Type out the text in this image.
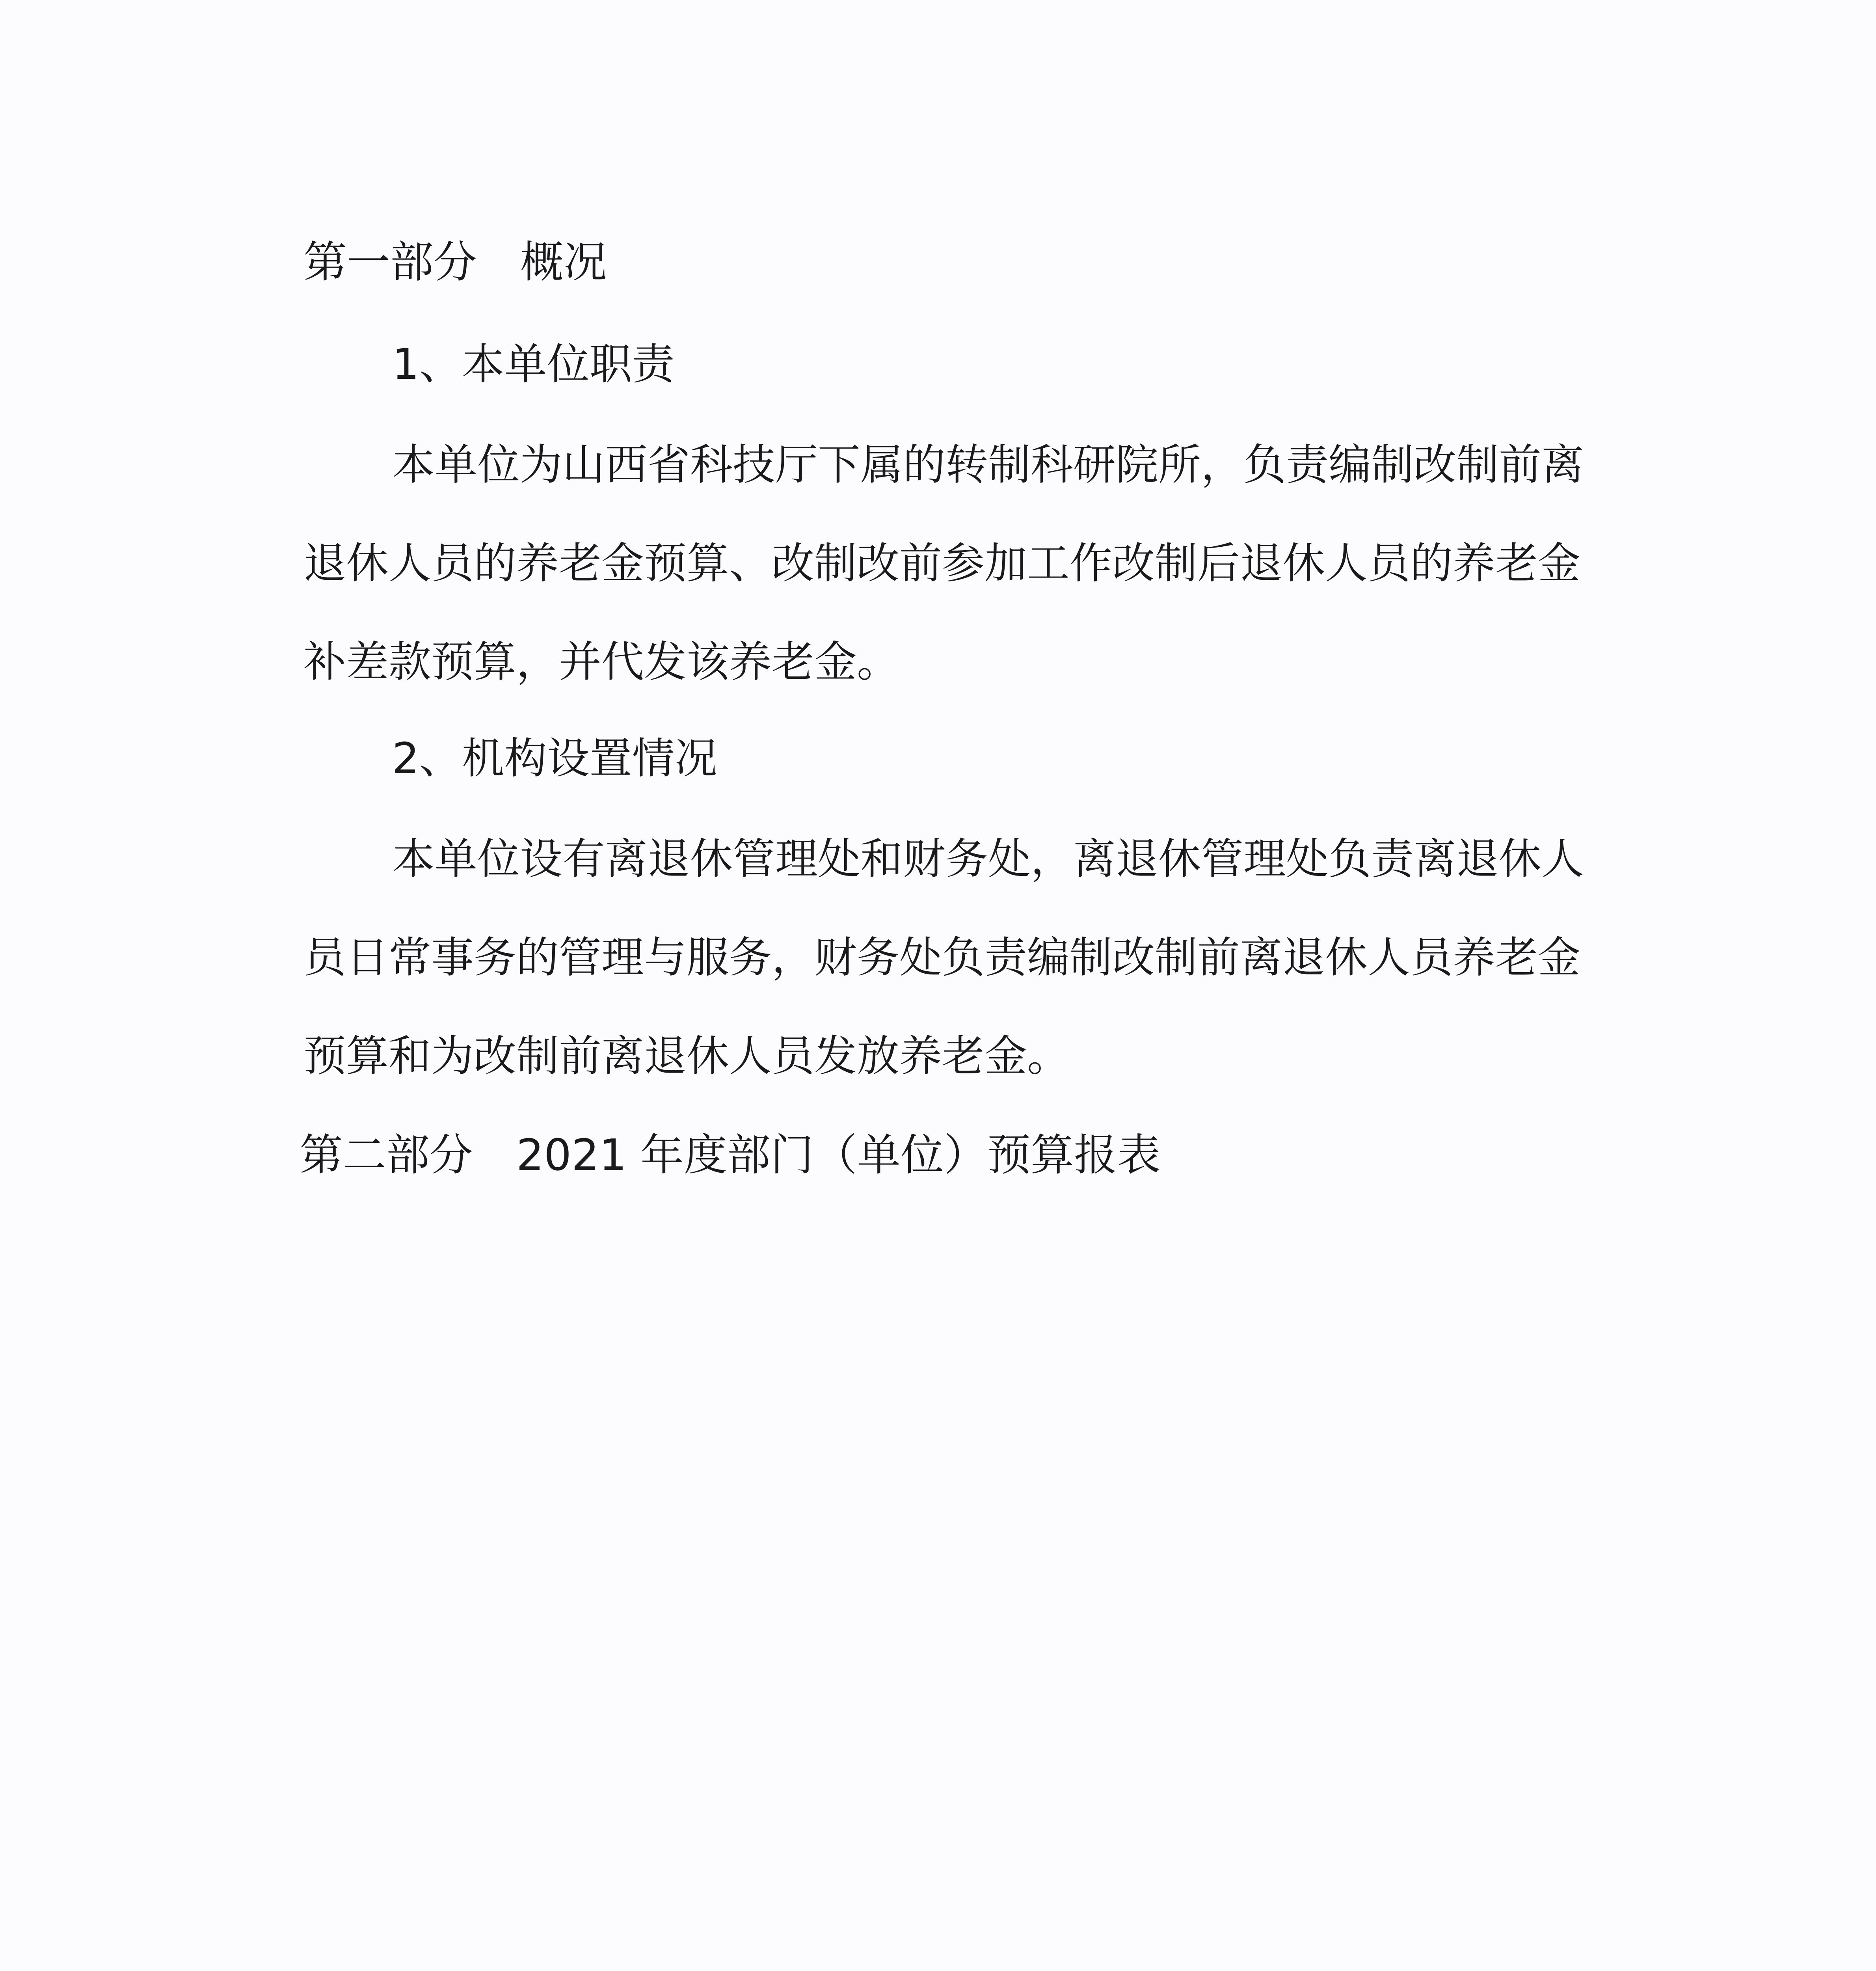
第一部分 概况
1、本单位职责

本单位为山西省科技厅下属的转制科研院所，负责编制改制前离

退休人员的养老金预算、改制改前参加工作改制后退休人员的养老金

补差款预算，并代发该养老金。

2、机构设置情况

本单位设有离退休管理处和财务处，离退休管理处负责离退休人

员日常事务的管理与服务，财务处负责编制改制前离退休人员养老金

预算和为改制前离退休人员发放养老金。

第二部分 2021 年度部门（单位）预算报表
